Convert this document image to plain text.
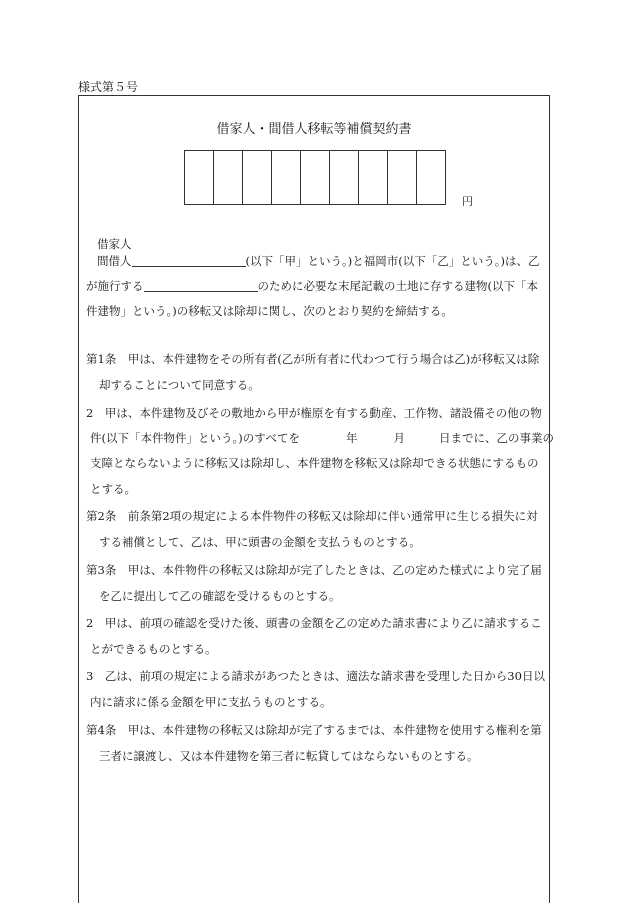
様式第５号
借家人・間借人移転等補償契約書
円
借家人
間借人	(以下「甲」という。)と福岡市(以下「乙」という。)は、乙
が施行する	のために必要な末尾記載の土地に存する建物(以下「本
件建物」という。)の移転又は除却に関し、次のとおり契約を締結する。
第1条　甲は、本件建物をその所有者(乙が所有者に代わつて行う場合は乙)が移転又は除
却することについて同意する。
2　甲は、本件建物及びその敷地から甲が権原を有する動産、工作物、諸設備その他の物
件(以下「本件物件」という。)のすべてを	年	月	日までに、乙の事業の
支障とならないように移転又は除却し、本件建物を移転又は除却できる状態にするもの
とする。
第2条　前条第2項の規定による本件物件の移転又は除却に伴い通常甲に生じる損失に対
する補償として、乙は、甲に頭書の金額を支払うものとする。
第3条　甲は、本件物件の移転又は除却が完了したときは、乙の定めた様式により完了届
を乙に提出して乙の確認を受けるものとする。
2　甲は、前項の確認を受けた後、頭書の金額を乙の定めた請求書により乙に請求するこ
とができるものとする。
3　乙は、前項の規定による請求があつたときは、適法な請求書を受理した日から30日以
内に請求に係る金額を甲に支払うものとする。
第4条　甲は、本件建物の移転又は除却が完了するまでは、本件建物を使用する権利を第
三者に譲渡し、又は本件建物を第三者に転貸してはならないものとする。
